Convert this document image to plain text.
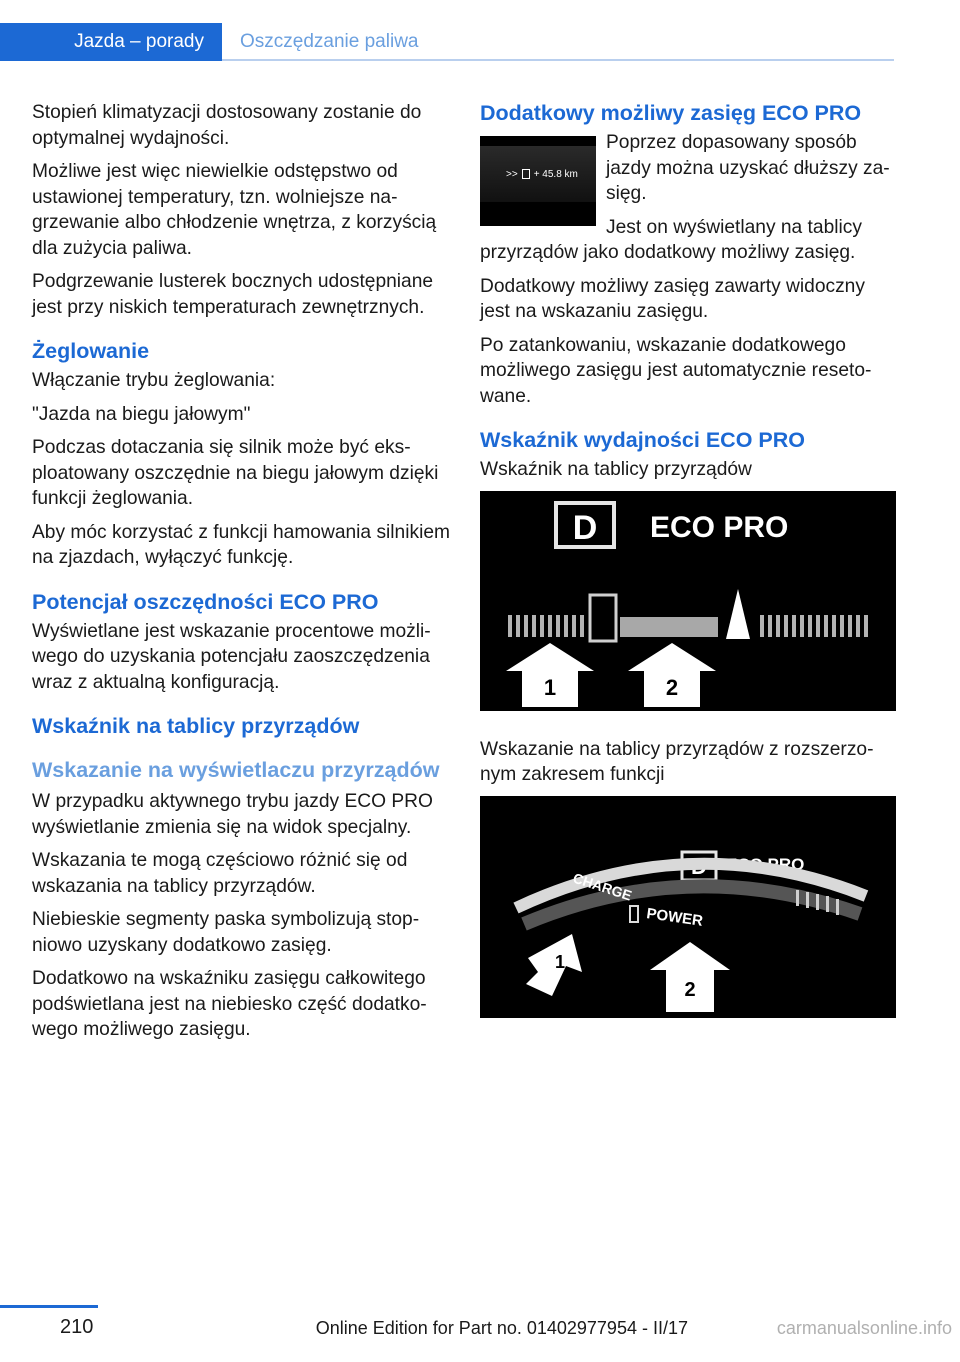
Jazda – porady Oszczędzanie paliwa

Stopień klimatyzacji dostosowany zostanie do optymalnej wydajności.

Możliwe jest więc niewielkie odstępstwo od ustawionej temperatury, tzn. wolniejsze nagrzewanie albo chłodzenie wnętrza, z korzyścią dla zużycia paliwa.

Podgrzewanie lusterek bocznych udostępniane jest przy niskich temperaturach zewnętrznych.

Żeglowanie

Włączanie trybu żeglowania:

"Jazda na biegu jałowym"

Podczas dotaczania się silnik może być eksploatowany oszczędnie na biegu jałowym dzięki funkcji żeglowania.

Aby móc korzystać z funkcji hamowania silnikiem na zjazdach, wyłączyć funkcję.

Potencjał oszczędności ECO PRO

Wyświetlane jest wskazanie procentowe możliwego do uzyskania potencjału zaoszczędzenia wraz z aktualną konfiguracją.

Wskaźnik na tablicy przyrządów
Wskazanie na wyświetlaczu przyrządów

W przypadku aktywnego trybu jazdy ECO PRO wyświetlanie zmienia się na widok specjalny.

Wskazania te mogą częściowo różnić się od wskazania na tablicy przyrządów.

Niebieskie segmenty paska symbolizują stopniowo uzyskany dodatkowo zasięg.

Dodatkowo na wskaźniku zasięgu całkowitego podświetlana jest na niebiesko część dodatkowego możliwego zasięgu.

Dodatkowy możliwy zasięg ECO PRO
>> + 45.8 km

Poprzez dopasowany sposób jazdy można uzyskać dłuższy zasięg.

Jest on wyświetlany na tablicy przyrządów jako dodatkowy możliwy zasięg.

Dodatkowy możliwy zasięg zawarty widoczny jest na wskazaniu zasięgu.

Po zatankowaniu, wskazanie dodatkowego możliwego zasięgu jest automatycznie resetowane.

Wskaźnik wydajności ECO PRO

Wskaźnik na tablicy przyrządów

D ECO PRO
1	2

Wskazanie na tablicy przyrządów z rozszerzonym zakresem funkcji

D ECO PRO
CHARGE
POWER
1
2
210	Online Edition for Part no. 01402977954 - II/17	carmanualsonline.info
